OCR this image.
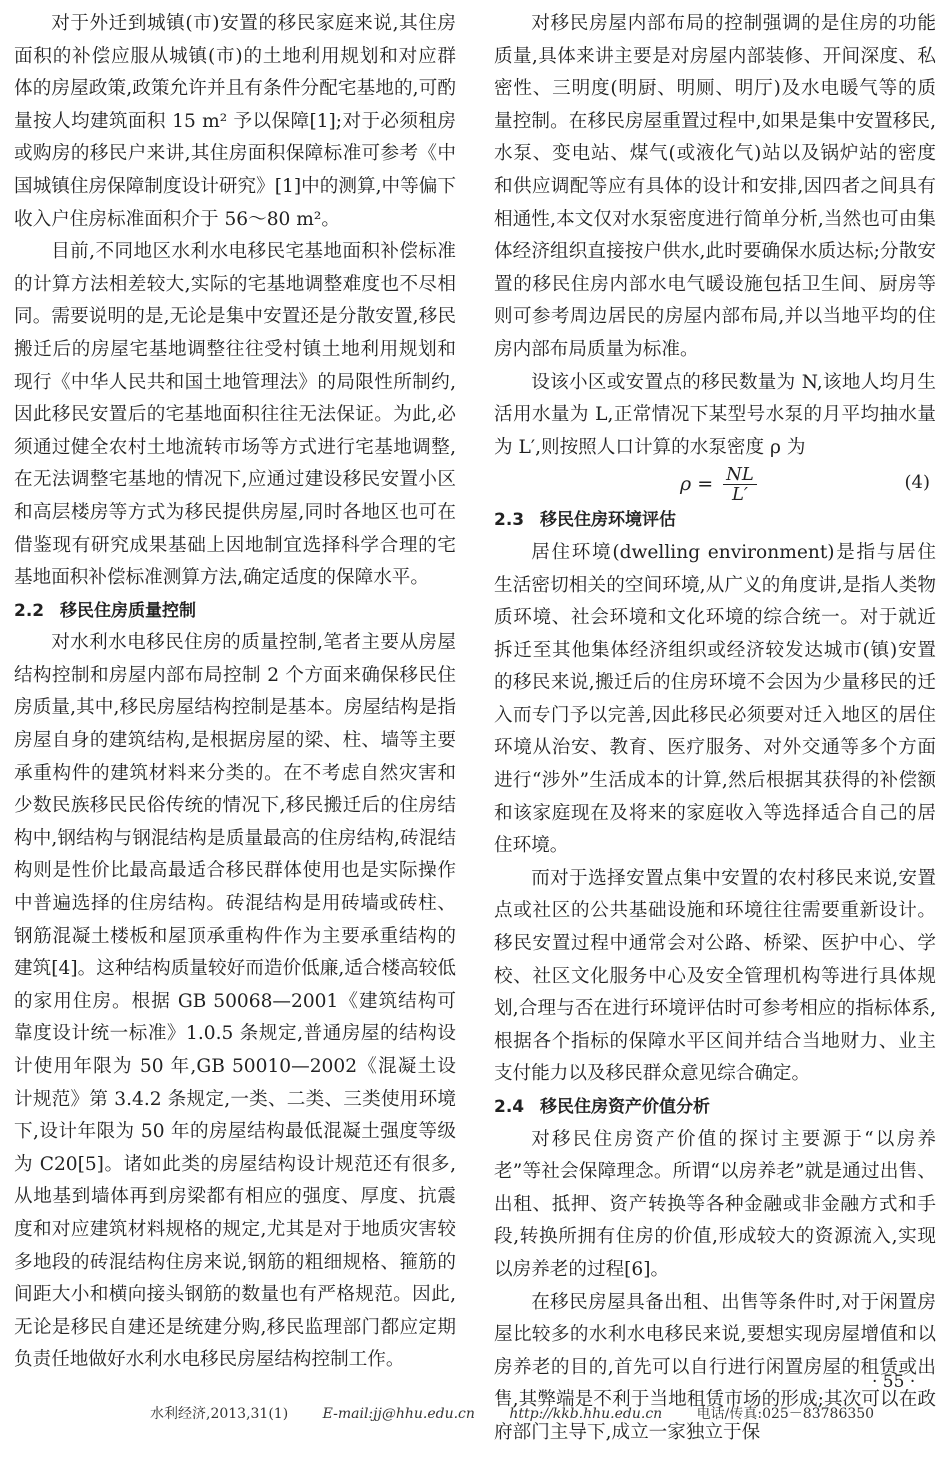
对于外迁到城镇(市)安置的移民家庭来说,其住房面积的补偿应服从城镇(市)的土地利用规划和对应群体的房屋政策,政策允许并且有条件分配宅基地的,可酌量按人均建筑面积 15 m² 予以保障[1];对于必须租房或购房的移民户来讲,其住房面积保障标准可参考《中国城镇住房保障制度设计研究》[1]中的测算,中等偏下收入户住房标准面积介于 56～80 m²。

目前,不同地区水利水电移民宅基地面积补偿标准的计算方法相差较大,实际的宅基地调整难度也不尽相同。需要说明的是,无论是集中安置还是分散安置,移民搬迁后的房屋宅基地调整往往受村镇土地利用规划和现行《中华人民共和国土地管理法》的局限性所制约,因此移民安置后的宅基地面积往往无法保证。为此,必须通过健全农村土地流转市场等方式进行宅基地调整,在无法调整宅基地的情况下,应通过建设移民安置小区和高层楼房等方式为移民提供房屋,同时各地区也可在借鉴现有研究成果基础上因地制宜选择科学合理的宅基地面积补偿标准测算方法,确定适度的保障水平。

2.2 移民住房质量控制

对水利水电移民住房的质量控制,笔者主要从房屋结构控制和房屋内部布局控制 2 个方面来确保移民住房质量,其中,移民房屋结构控制是基本。房屋结构是指房屋自身的建筑结构,是根据房屋的梁、柱、墙等主要承重构件的建筑材料来分类的。在不考虑自然灾害和少数民族移民民俗传统的情况下,移民搬迁后的住房结构中,钢结构与钢混结构是质量最高的住房结构,砖混结构则是性价比最高最适合移民群体使用也是实际操作中普遍选择的住房结构。砖混结构是用砖墙或砖柱、钢筋混凝土楼板和屋顶承重构件作为主要承重结构的建筑[4]。这种结构质量较好而造价低廉,适合楼高较低的家用住房。根据 GB 50068—2001《建筑结构可靠度设计统一标准》1.0.5 条规定,普通房屋的结构设计使用年限为 50 年,GB 50010—2002《混凝土设计规范》第 3.4.2 条规定,一类、二类、三类使用环境下,设计年限为 50 年的房屋结构最低混凝土强度等级为 C20[5]。诸如此类的房屋结构设计规范还有很多,从地基到墙体再到房梁都有相应的强度、厚度、抗震度和对应建筑材料规格的规定,尤其是对于地质灾害较多地段的砖混结构住房来说,钢筋的粗细规格、箍筋的间距大小和横向接头钢筋的数量也有严格规范。因此,无论是移民自建还是统建分购,移民监理部门都应定期负责任地做好水利水电移民房屋结构控制工作。

对移民房屋内部布局的控制强调的是住房的功能质量,具体来讲主要是对房屋内部装修、开间深度、私密性、三明度(明厨、明厕、明厅)及水电暖气等的质量控制。在移民房屋重置过程中,如果是集中安置移民,水泵、变电站、煤气(或液化气)站以及锅炉站的密度和供应调配等应有具体的设计和安排,因四者之间具有相通性,本文仅对水泵密度进行简单分析,当然也可由集体经济组织直接按户供水,此时要确保水质达标;分散安置的移民住房内部水电气暖设施包括卫生间、厨房等则可参考周边居民的房屋内部布局,并以当地平均的住房内部布局质量为标准。

设该小区或安置点的移民数量为 N,该地人均月生活用水量为 L,正常情况下某型号水泵的月平均抽水量为 L′,则按照人口计算的水泵密度 ρ 为

$\rho = \frac{NL}{L'}$	(4)
2.3 移民住房环境评估

居住环境(dwelling environment)是指与居住生活密切相关的空间环境,从广义的角度讲,是指人类物质环境、社会环境和文化环境的综合统一。对于就近拆迁至其他集体经济组织或经济较发达城市(镇)安置的移民来说,搬迁后的住房环境不会因为少量移民的迁入而专门予以完善,因此移民必须要对迁入地区的居住环境从治安、教育、医疗服务、对外交通等多个方面进行“涉外”生活成本的计算,然后根据其获得的补偿额和该家庭现在及将来的家庭收入等选择适合自己的居住环境。

而对于选择安置点集中安置的农村移民来说,安置点或社区的公共基础设施和环境往往需要重新设计。移民安置过程中通常会对公路、桥梁、医护中心、学校、社区文化服务中心及安全管理机构等进行具体规划,合理与否在进行环境评估时可参考相应的指标体系,根据各个指标的保障水平区间并结合当地财力、业主支付能力以及移民群众意见综合确定。

2.4 移民住房资产价值分析

对移民住房资产价值的探讨主要源于“以房养老”等社会保障理念。所谓“以房养老”就是通过出售、出租、抵押、资产转换等各种金融或非金融方式和手段,转换所拥有住房的价值,形成较大的资源流入,实现以房养老的过程[6]。

在移民房屋具备出租、出售等条件时,对于闲置房屋比较多的水利水电移民来说,要想实现房屋增值和以房养老的目的,首先可以自行进行闲置房屋的租赁或出售,其弊端是不利于当地租赁市场的形成;其次可以在政府部门主导下,成立一家独立于保

· 55 ·
水利经济,2013,31(1) E-mail:jj@hhu.edu.cn http://kkb.hhu.edu.cn 电话/传真:025－83786350
